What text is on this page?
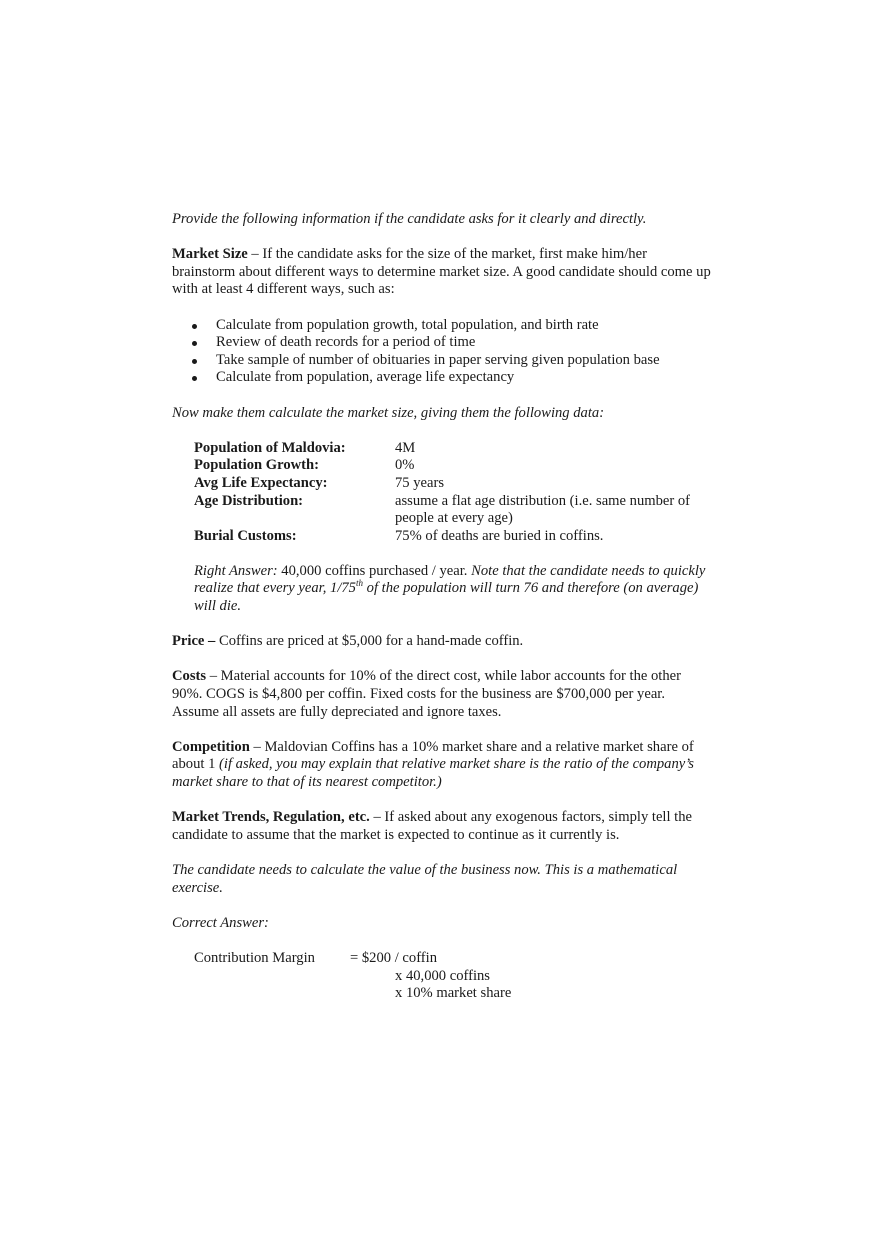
Provide the following information if the candidate asks for it clearly and directly.

Market Size – If the candidate asks for the size of the market, first make him/her brainstorm about different ways to determine market size. A good candidate should come up with at least 4 different ways, such as:

Calculate from population growth, total population, and birth rate
Review of death records for a period of time
Take sample of number of obituaries in paper serving given population base
Calculate from population, average life expectancy

Now make them calculate the market size, giving them the following data:

Population of Maldovia:	4M
Population Growth:	0%
Avg Life Expectancy:	75 years
Age Distribution:	assume a flat age distribution (i.e. same number of people at every age)
Burial Customs:	75% of deaths are buried in coffins.

Right Answer: 40,000 coffins purchased / year. Note that the candidate needs to quickly realize that every year, 1/75th of the population will turn 76 and therefore (on average) will die.

Price – Coffins are priced at $5,000 for a hand-made coffin.

Costs – Material accounts for 10% of the direct cost, while labor accounts for the other 90%. COGS is $4,800 per coffin. Fixed costs for the business are $700,000 per year. Assume all assets are fully depreciated and ignore taxes.

Competition – Maldovian Coffins has a 10% market share and a relative market share of about 1 (if asked, you may explain that relative market share is the ratio of the company’s market share to that of its nearest competitor.)

Market Trends, Regulation, etc. – If asked about any exogenous factors, simply tell the candidate to assume that the market is expected to continue as it currently is.

The candidate needs to calculate the value of the business now. This is a mathematical exercise.

Correct Answer:

Contribution Margin = $200 / coffin
x 40,000 coffins
x 10% market share
